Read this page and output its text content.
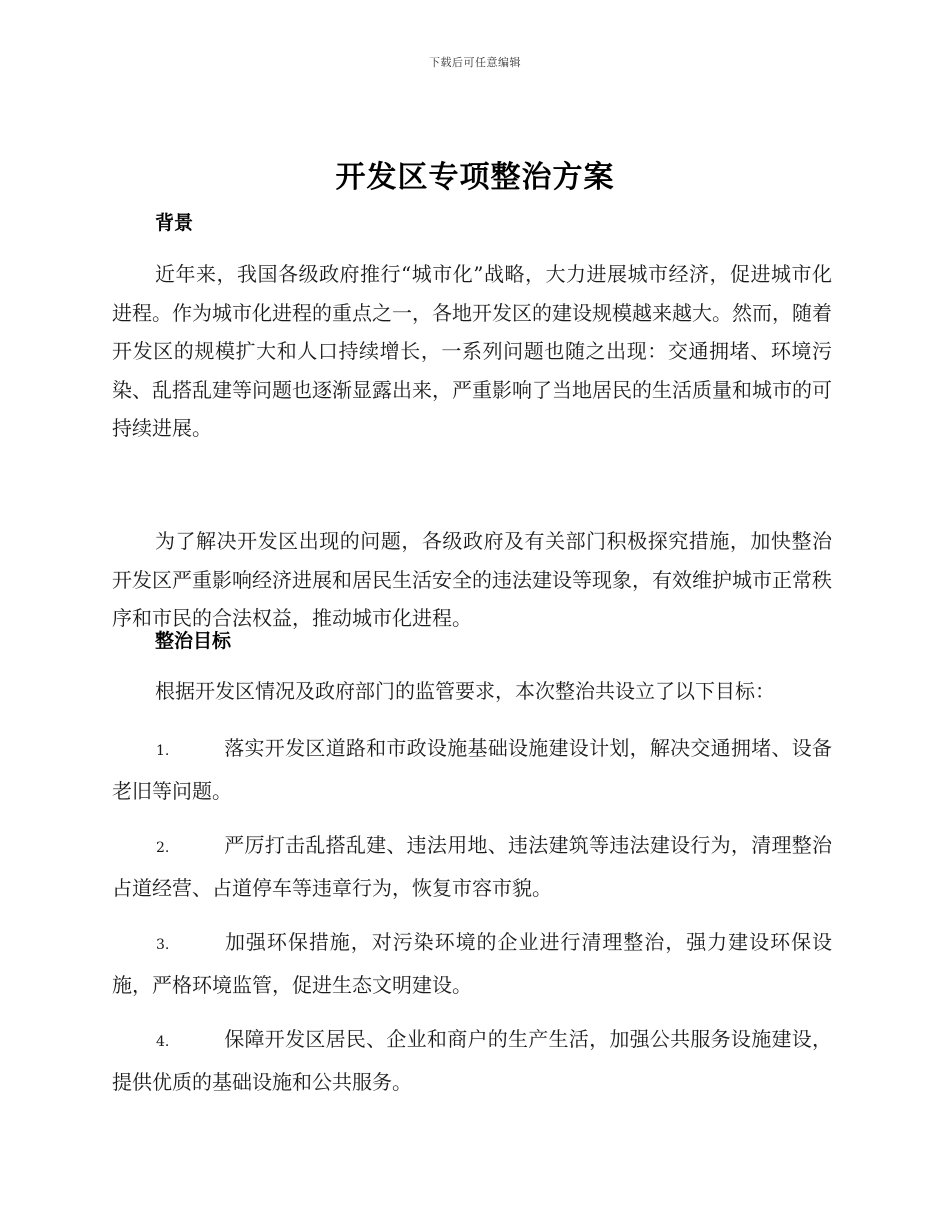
下载后可任意编辑
开发区专项整治方案
背景

近年来，我国各级政府推行“城市化”战略，大力进展城市经济，促进城市化进程。作为城市化进程的重点之一，各地开发区的建设规模越来越大。然而，随着开发区的规模扩大和人口持续增长，一系列问题也随之出现：交通拥堵、环境污染、乱搭乱建等问题也逐渐显露出来，严重影响了当地居民的生活质量和城市的可持续进展。

为了解决开发区出现的问题，各级政府及有关部门积极探究措施，加快整治开发区严重影响经济进展和居民生活安全的违法建设等现象，有效维护城市正常秩序和市民的合法权益，推动城市化进程。

整治目标

根据开发区情况及政府部门的监管要求，本次整治共设立了以下目标：

1.	落实开发区道路和市政设施基础设施建设计划，解决交通拥堵、设备老旧等问题。

2.	严厉打击乱搭乱建、违法用地、违法建筑等违法建设行为，清理整治占道经营、占道停车等违章行为，恢复市容市貌。

3.	加强环保措施，对污染环境的企业进行清理整治，强力建设环保设施，严格环境监管，促进生态文明建设。

4.	保障开发区居民、企业和商户的生产生活，加强公共服务设施建设，提供优质的基础设施和公共服务。
